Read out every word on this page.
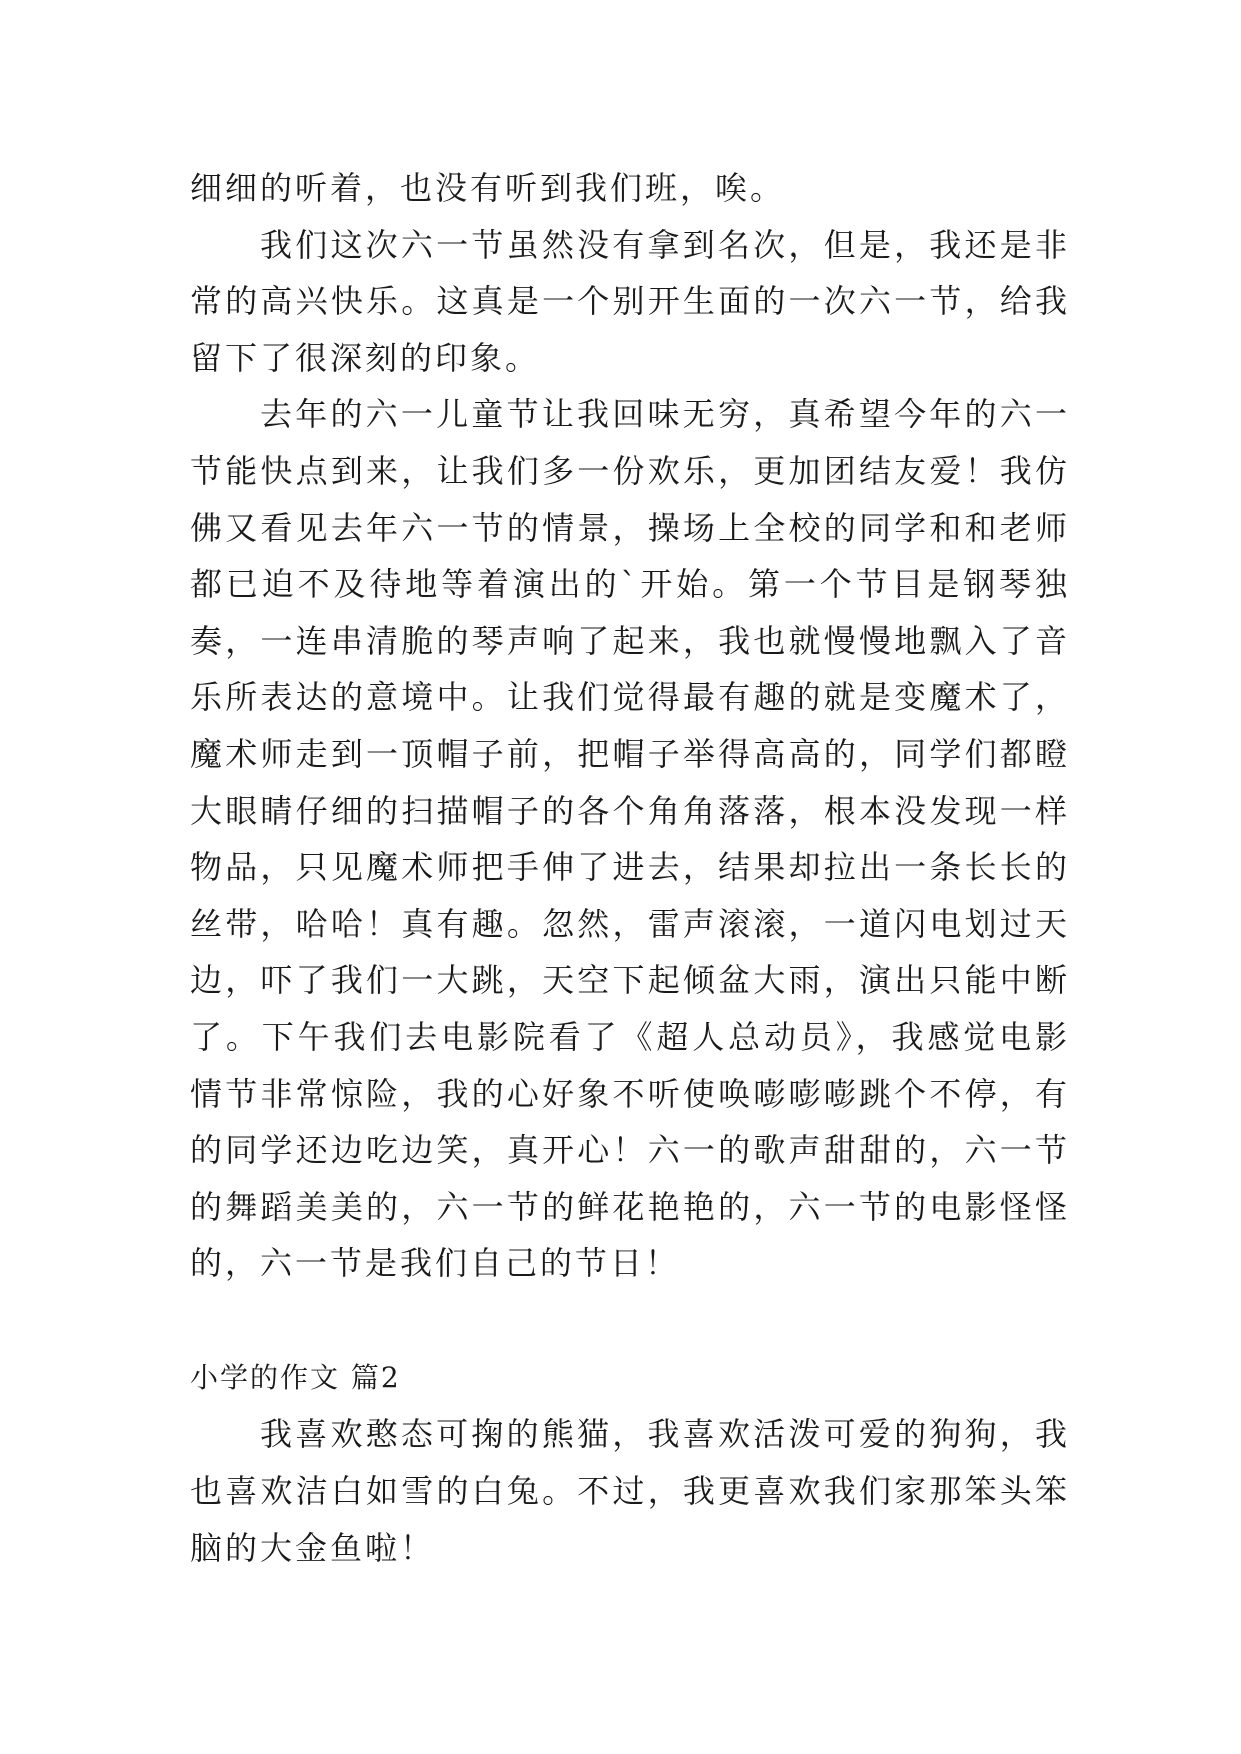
细细的听着，也没有听到我们班，唉。

我们这次六一节虽然没有拿到名次，但是，我还是非常的高兴快乐。这真是一个别开生面的一次六一节，给我留下了很深刻的印象。

去年的六一儿童节让我回味无穷，真希望今年的六一节能快点到来，让我们多一份欢乐，更加团结友爱！我仿佛又看见去年六一节的情景，操场上全校的同学和和老师都已迫不及待地等着演出的`开始。第一个节目是钢琴独奏，一连串清脆的琴声响了起来，我也就慢慢地飘入了音乐所表达的意境中。让我们觉得最有趣的就是变魔术了，魔术师走到一顶帽子前，把帽子举得高高的，同学们都瞪大眼睛仔细的扫描帽子的各个角角落落，根本没发现一样物品，只见魔术师把手伸了进去，结果却拉出一条长长的丝带，哈哈！真有趣。忽然，雷声滚滚，一道闪电划过天边，吓了我们一大跳，天空下起倾盆大雨，演出只能中断了。下午我们去电影院看了《超人总动员》，我感觉电影情节非常惊险，我的心好象不听使唤嘭嘭嘭跳个不停，有的同学还边吃边笑，真开心！六一的歌声甜甜的，六一节的舞蹈美美的，六一节的鲜花艳艳的，六一节的电影怪怪的，六一节是我们自己的节日！

小学的作文 篇2

我喜欢憨态可掬的熊猫，我喜欢活泼可爱的狗狗，我也喜欢洁白如雪的白兔。不过，我更喜欢我们家那笨头笨脑的大金鱼啦！
